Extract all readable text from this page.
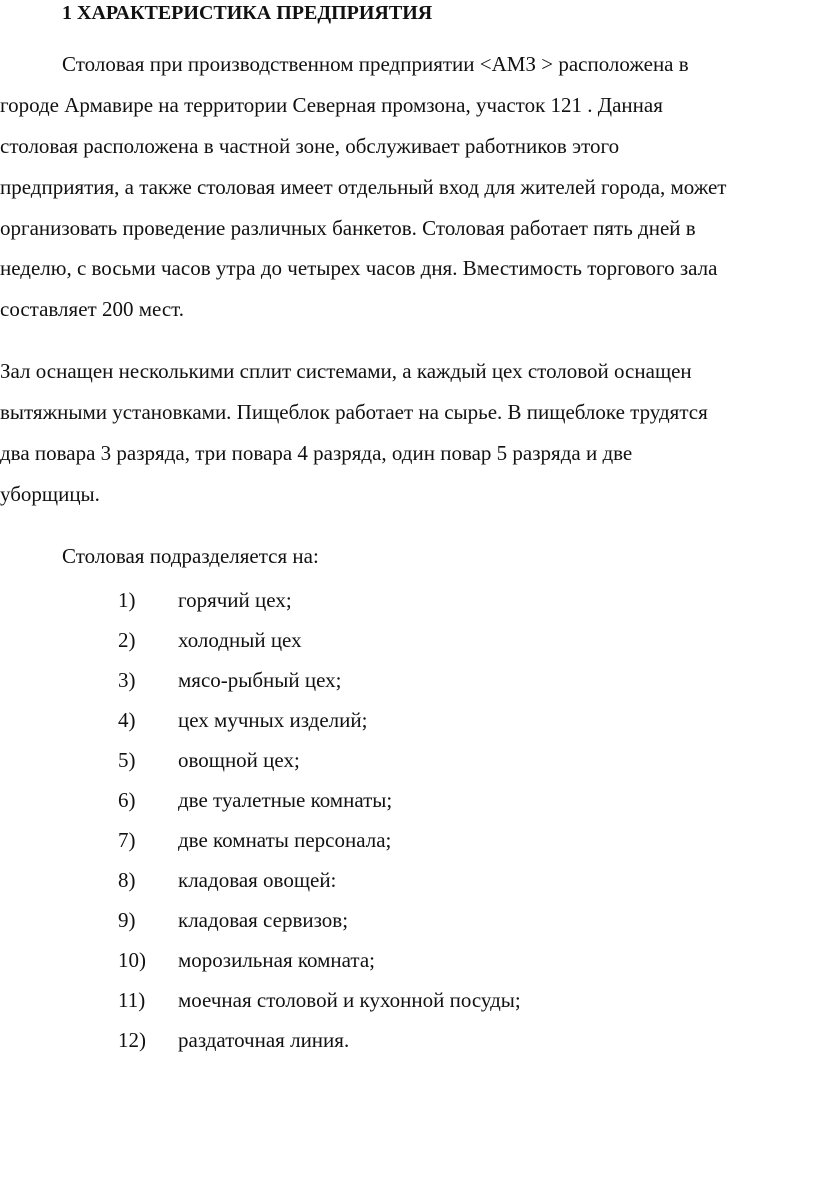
1 ХАРАКТЕРИСТИКА ПРЕДПРИЯТИЯ
Столовая при производственном предприятии <АМЗ > расположена в
городе Армавире на территории Северная промзона, участок 121 . Данная
столовая расположена в частной зоне, обслуживает работников этого
предприятия, а также столовая имеет отдельный вход для жителей города, может
организовать проведение различных банкетов. Столовая работает пять дней в
неделю, с восьми часов утра до четырех часов дня. Вместимость торгового зала
составляет 200 мест.
Зал оснащен несколькими сплит системами, а каждый цех столовой оснащен
вытяжными установками. Пищеблок работает на сырье. В пищеблоке трудятся
два повара 3 разряда, три повара 4 разряда, один повар 5 разряда и две
уборщицы.
Столовая подразделяется на:
1) горячий цех;
2) холодный цех
3) мясо-рыбный цех;
4) цех мучных изделий;
5) овощной цех;
6) две туалетные комнаты;
7) две комнаты персонала;
8) кладовая овощей:
9) кладовая сервизов;
10) морозильная комната;
11) моечная столовой и кухонной посуды;
12) раздаточная линия.
